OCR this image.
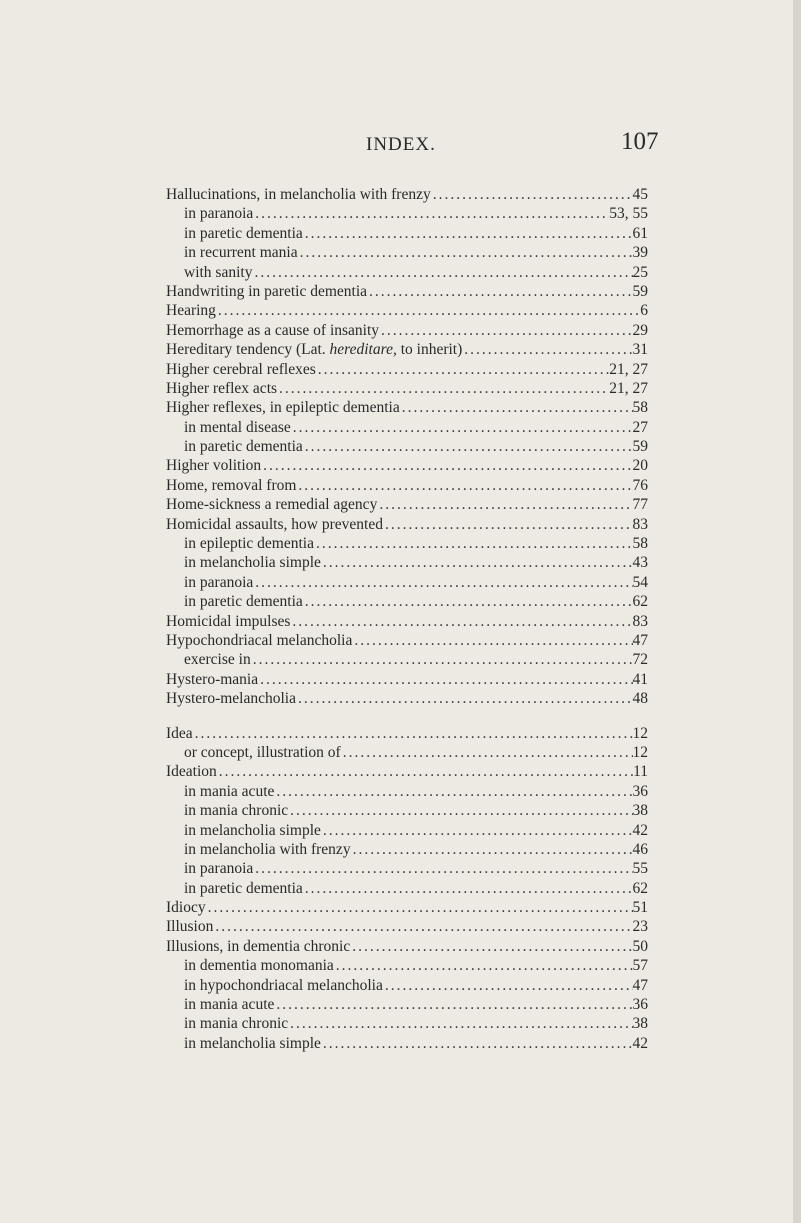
INDEX.	107
Hallucinations, in melancholia with frenzy .....	45
in paranoia .....	53, 55
in paretic dementia .....	61
in recurrent mania .....	39
with sanity .....	25
Handwriting in paretic dementia .....	59
Hearing .....	6
Hemorrhage as a cause of insanity .....	29
Hereditary tendency (Lat. hereditare, to inherit) .....	31
Higher cerebral reflexes .....	21, 27
Higher reflex acts .....	21, 27
Higher reflexes, in epileptic dementia .....	58
in mental disease .....	27
in paretic dementia .....	59
Higher volition .....	20
Home, removal from .....	76
Home-sickness a remedial agency .....	77
Homicidal assaults, how prevented .....	83
in epileptic dementia .....	58
in melancholia simple .....	43
in paranoia .....	54
in paretic dementia .....	62
Homicidal impulses .....	83
Hypochondriacal melancholia .....	47
exercise in .....	72
Hystero-mania .....	41
Hystero-melancholia .....	48
Idea .....	12
or concept, illustration of .....	12
Ideation .....	11
in mania acute .....	36
in mania chronic .....	38
in melancholia simple .....	42
in melancholia with frenzy .....	46
in paranoia .....	55
in paretic dementia .....	62
Idiocy .....	51
Illusion .....	23
Illusions, in dementia chronic .....	50
in dementia monomania .....	57
in hypochondriacal melancholia .....	47
in mania acute .....	36
in mania chronic .....	38
in melancholia simple .....	42
